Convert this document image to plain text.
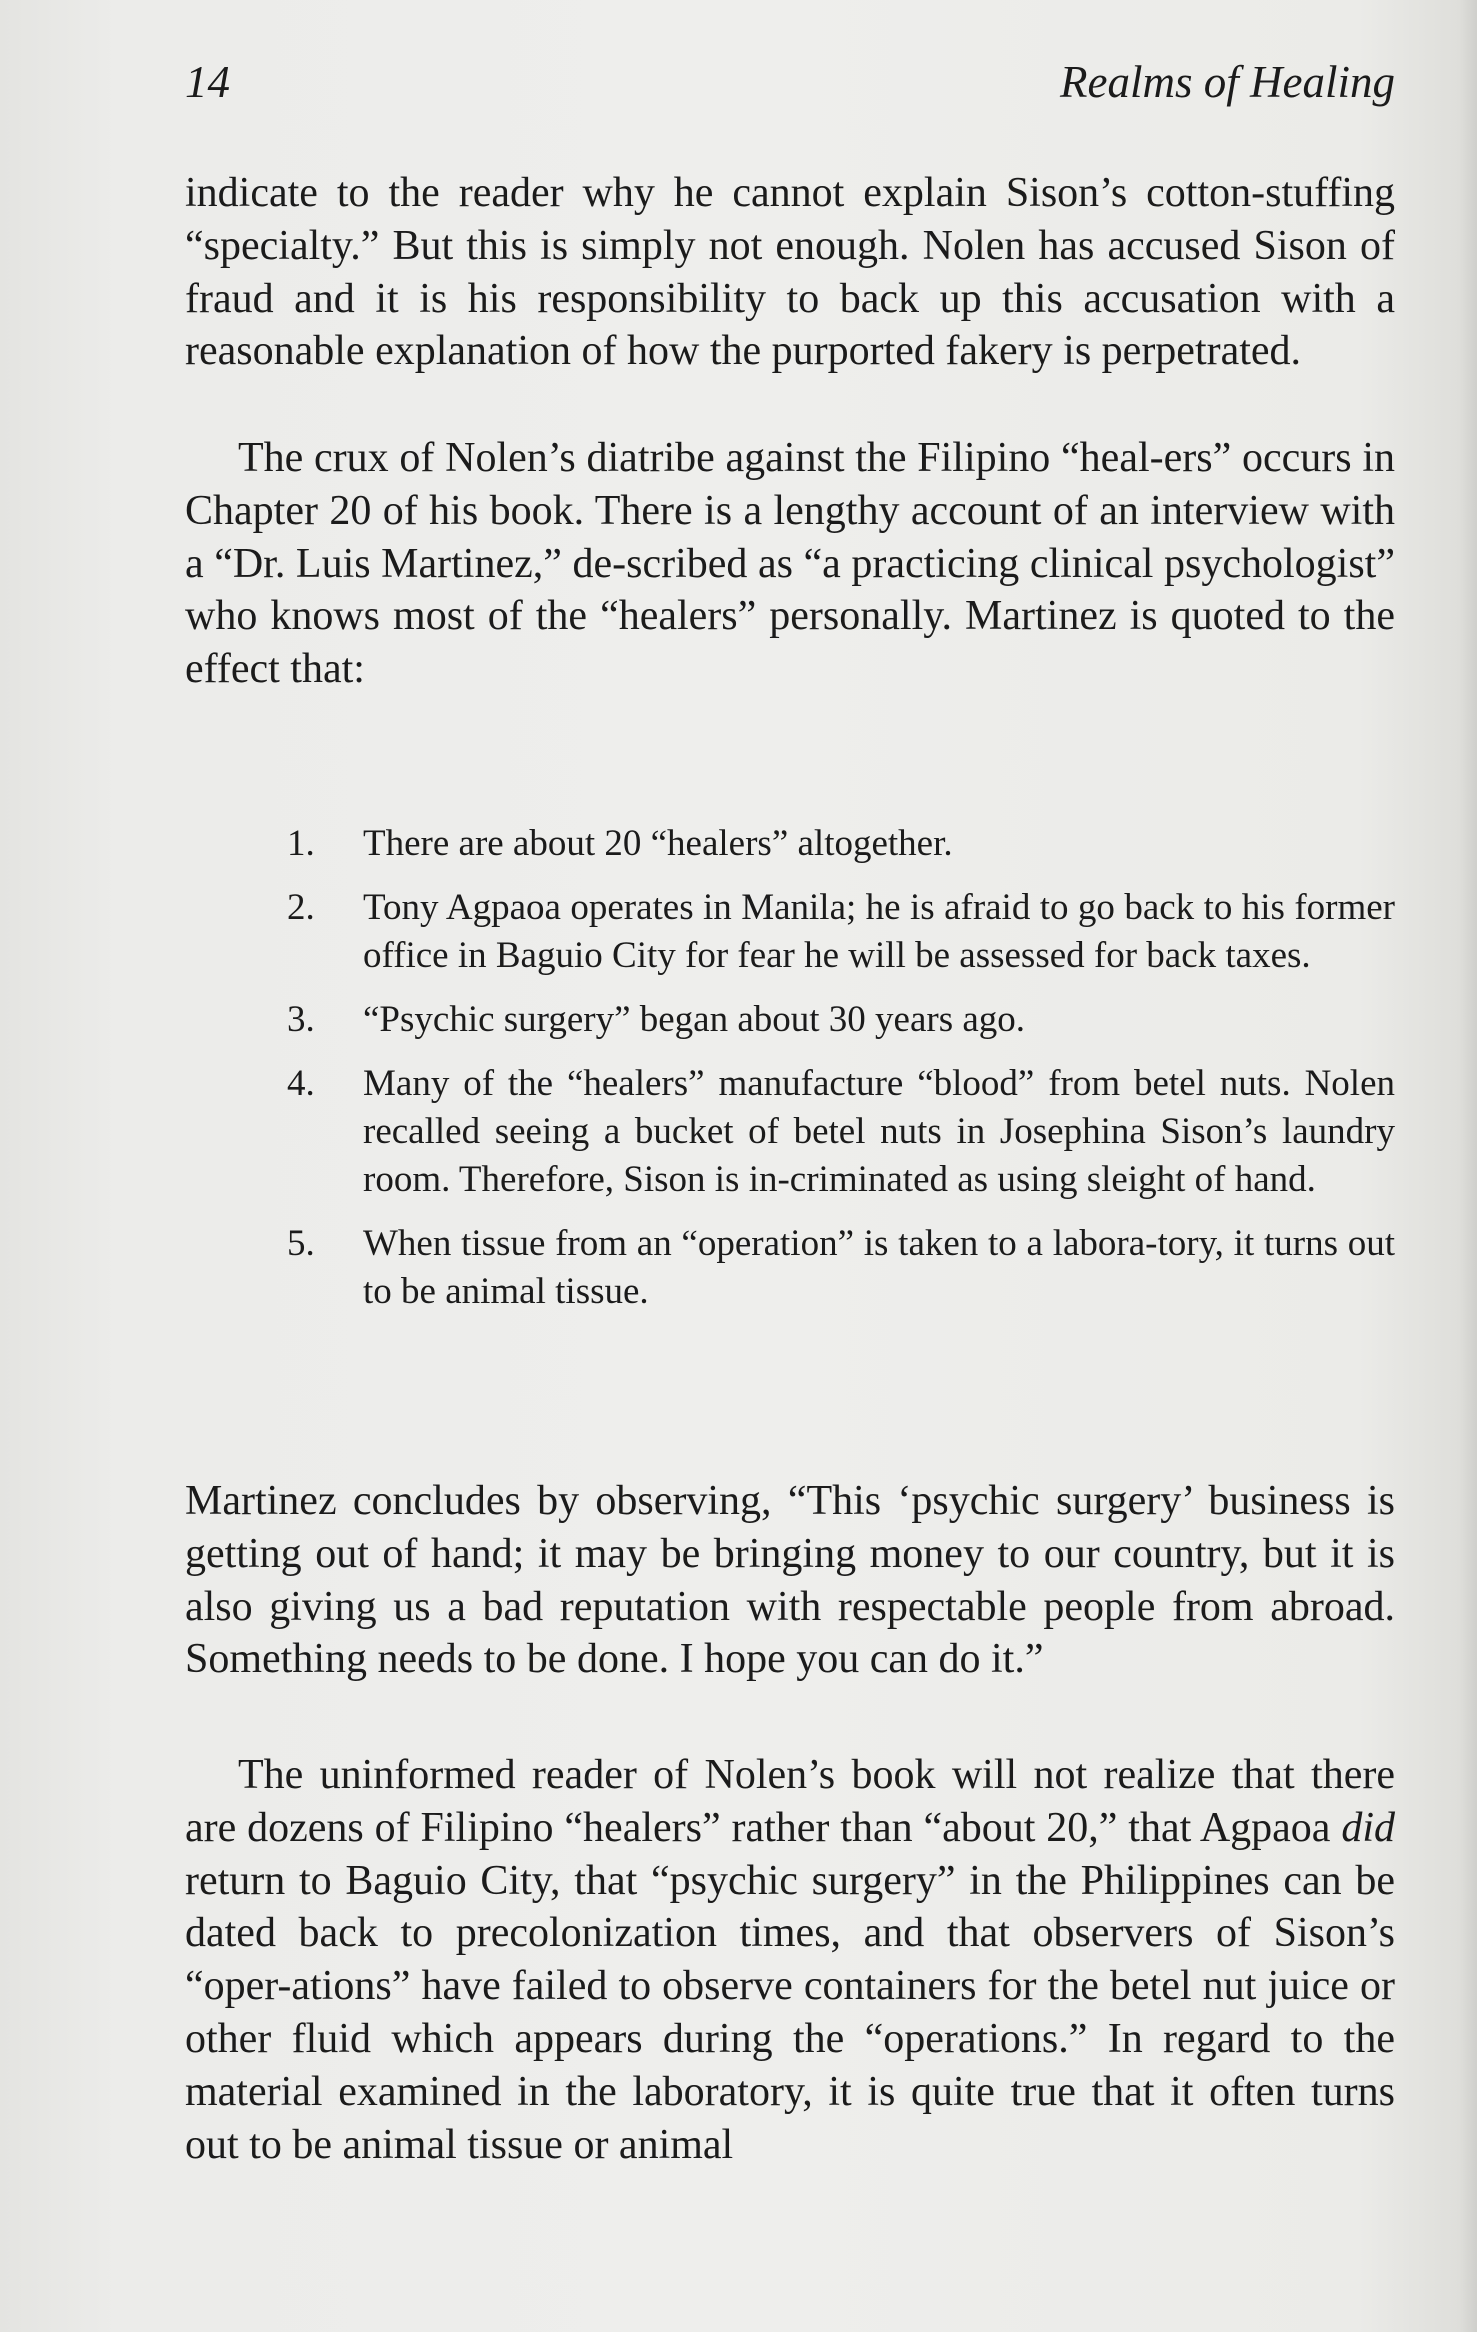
14	Realms of Healing

indicate to the reader why he cannot explain Sison’s cotton-stuffing “specialty.” But this is simply not enough. Nolen has accused Sison of fraud and it is his responsibility to back up this accusation with a reasonable explanation of how the purported fakery is perpetrated.

The crux of Nolen’s diatribe against the Filipino “heal-ers” occurs in Chapter 20 of his book. There is a lengthy account of an interview with a “Dr. Luis Martinez,” de-scribed as “a practicing clinical psychologist” who knows most of the “healers” personally. Martinez is quoted to the effect that:

1. There are about 20 “healers” altogether.
2. Tony Agpaoa operates in Manila; he is afraid to go back to his former office in Baguio City for fear he will be assessed for back taxes.
3. “Psychic surgery” began about 30 years ago.
4. Many of the “healers” manufacture “blood” from betel nuts. Nolen recalled seeing a bucket of betel nuts in Josephina Sison’s laundry room. Therefore, Sison is in-criminated as using sleight of hand.
5. When tissue from an “operation” is taken to a labora-tory, it turns out to be animal tissue.

Martinez concludes by observing, “This ‘psychic surgery’ business is getting out of hand; it may be bringing money to our country, but it is also giving us a bad reputation with respectable people from abroad. Something needs to be done. I hope you can do it.”

The uninformed reader of Nolen’s book will not realize that there are dozens of Filipino “healers” rather than “about 20,” that Agpaoa did return to Baguio City, that “psychic surgery” in the Philippines can be dated back to precolonization times, and that observers of Sison’s “oper-ations” have failed to observe containers for the betel nut juice or other fluid which appears during the “operations.” In regard to the material examined in the laboratory, it is quite true that it often turns out to be animal tissue or animal
